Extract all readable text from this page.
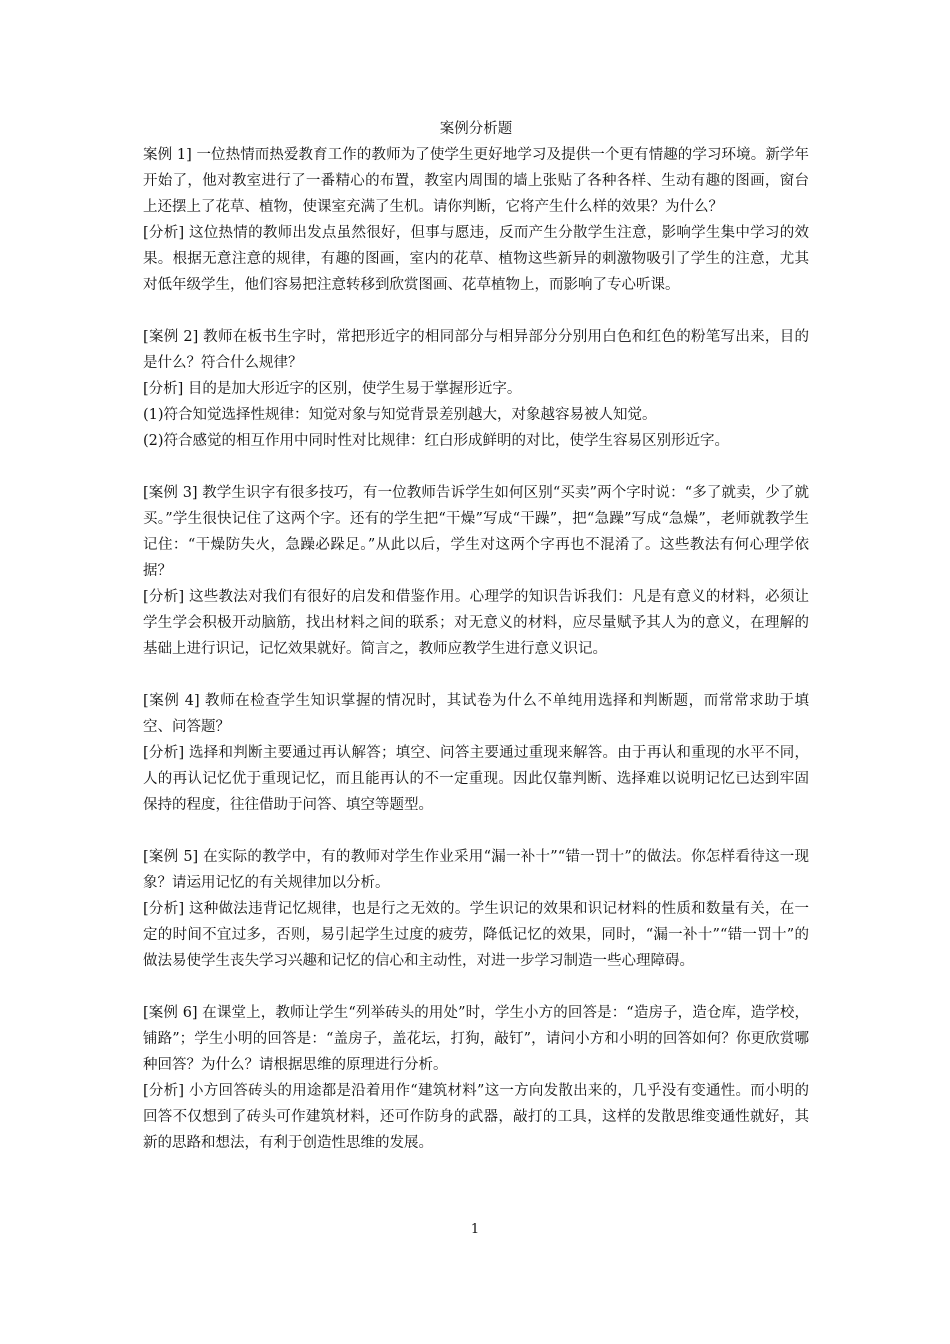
案例分析题

案例 1] 一位热情而热爱教育工作的教师为了使学生更好地学习及提供一个更有情趣的学习环境。新学年开始了，他对教室进行了一番精心的布置，教室内周围的墙上张贴了各种各样、生动有趣的图画，窗台上还摆上了花草、植物，使课室充满了生机。请你判断，它将产生什么样的效果？为什么？

[分析] 这位热情的教师出发点虽然很好，但事与愿违，反而产生分散学生注意，影响学生集中学习的效果。根据无意注意的规律，有趣的图画，室内的花草、植物这些新异的刺激物吸引了学生的注意，尤其对低年级学生，他们容易把注意转移到欣赏图画、花草植物上，而影响了专心听课。

[案例 2] 教师在板书生字时，常把形近字的相同部分与相异部分分别用白色和红色的粉笔写出来，目的是什么？符合什么规律？

[分析] 目的是加大形近字的区别，使学生易于掌握形近字。

(1)符合知觉选择性规律：知觉对象与知觉背景差别越大，对象越容易被人知觉。

(2)符合感觉的相互作用中同时性对比规律：红白形成鲜明的对比，使学生容易区别形近字。

[案例 3] 教学生识字有很多技巧，有一位教师告诉学生如何区别“买卖”两个字时说：“多了就卖，少了就买。”学生很快记住了这两个字。还有的学生把“干燥”写成“干躁”，把“急躁”写成“急燥”，老师就教学生记住：“干燥防失火，急躁必跺足。”从此以后，学生对这两个字再也不混淆了。这些教法有何心理学依据？

[分析] 这些教法对我们有很好的启发和借鉴作用。心理学的知识告诉我们：凡是有意义的材料，必须让学生学会积极开动脑筋，找出材料之间的联系；对无意义的材料，应尽量赋予其人为的意义，在理解的基础上进行识记，记忆效果就好。简言之，教师应教学生进行意义识记。

[案例 4] 教师在检查学生知识掌握的情况时，其试卷为什么不单纯用选择和判断题，而常常求助于填空、问答题？

[分析] 选择和判断主要通过再认解答；填空、问答主要通过重现来解答。由于再认和重现的水平不同，人的再认记忆优于重现记忆，而且能再认的不一定重现。因此仅靠判断、选择难以说明记忆已达到牢固保持的程度，往往借助于问答、填空等题型。

[案例 5] 在实际的教学中，有的教师对学生作业采用“漏一补十”“错一罚十”的做法。你怎样看待这一现象？请运用记忆的有关规律加以分析。

[分析] 这种做法违背记忆规律，也是行之无效的。学生识记的效果和识记材料的性质和数量有关，在一定的时间不宜过多，否则，易引起学生过度的疲劳，降低记忆的效果，同时，“漏一补十”“错一罚十”的做法易使学生丧失学习兴趣和记忆的信心和主动性，对进一步学习制造一些心理障碍。

[案例 6] 在课堂上，教师让学生“列举砖头的用处”时，学生小方的回答是：“造房子，造仓库，造学校，铺路”；学生小明的回答是：“盖房子，盖花坛，打狗，敲钉”，请问小方和小明的回答如何？你更欣赏哪种回答？为什么？请根据思维的原理进行分析。

[分析] 小方回答砖头的用途都是沿着用作“建筑材料”这一方向发散出来的，几乎没有变通性。而小明的回答不仅想到了砖头可作建筑材料，还可作防身的武器，敲打的工具，这样的发散思维变通性就好，其新的思路和想法，有利于创造性思维的发展。

1
